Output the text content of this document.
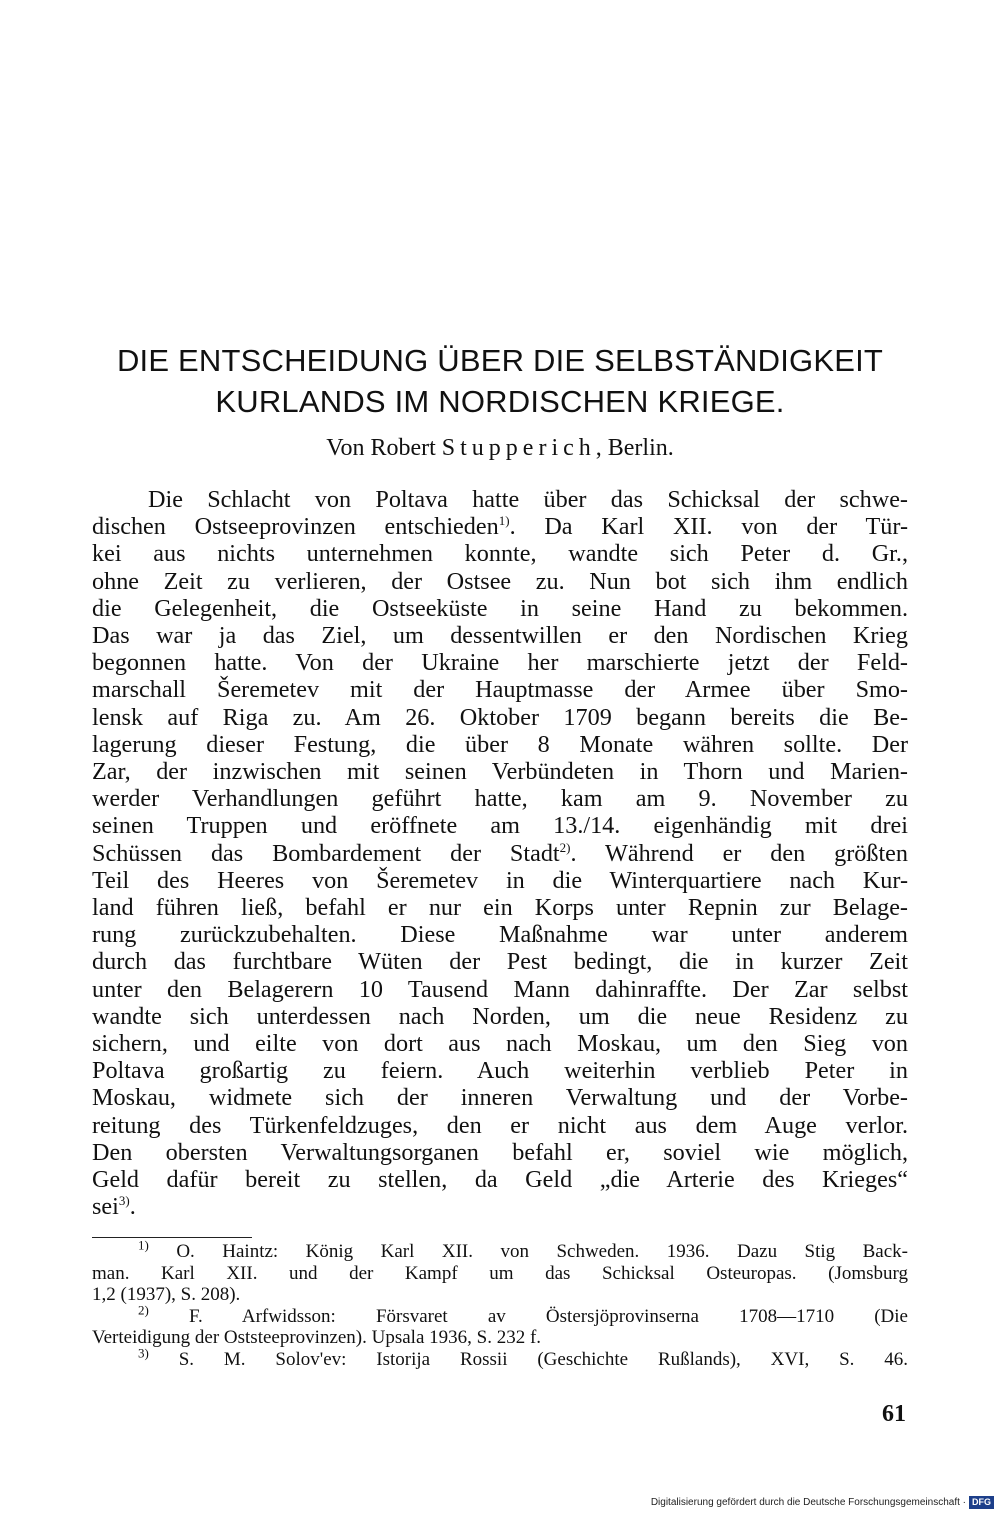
DIE ENTSCHEIDUNG ÜBER DIE SELBSTÄNDIGKEIT
KURLANDS IM NORDISCHEN KRIEGE.

Von Robert Stupperich, Berlin.

Die Schlacht von Poltava hatte über das Schicksal der schwe-
dischen Ostseeprovinzen entschieden$^{1)}$. Da Karl XII. von der Tür-
kei aus nichts unternehmen konnte, wandte sich Peter d. Gr.,
ohne Zeit zu verlieren, der Ostsee zu. Nun bot sich ihm endlich
die Gelegenheit, die Ostseeküste in seine Hand zu bekommen.
Das war ja das Ziel, um dessentwillen er den Nordischen Krieg
begonnen hatte. Von der Ukraine her marschierte jetzt der Feld-
marschall Šeremetev mit der Hauptmasse der Armee über Smo-
lensk auf Riga zu. Am 26. Oktober 1709 begann bereits die Be-
lagerung dieser Festung, die über 8 Monate währen sollte. Der
Zar, der inzwischen mit seinen Verbündeten in Thorn und Marien-
werder Verhandlungen geführt hatte, kam am 9. November zu
seinen Truppen und eröffnete am 13./14. eigenhändig mit drei
Schüssen das Bombardement der Stadt$^{2)}$. Während er den größten
Teil des Heeres von Šeremetev in die Winterquartiere nach Kur-
land führen ließ, befahl er nur ein Korps unter Repnin zur Belage-
rung zurückzubehalten. Diese Maßnahme war unter anderem
durch das furchtbare Wüten der Pest bedingt, die in kurzer Zeit
unter den Belagerern 10 Tausend Mann dahinraffte. Der Zar selbst
wandte sich unterdessen nach Norden, um die neue Residenz zu
sichern, und eilte von dort aus nach Moskau, um den Sieg von
Poltava großartig zu feiern. Auch weiterhin verblieb Peter in
Moskau, widmete sich der inneren Verwaltung und der Vorbe-
reitung des Türkenfeldzuges, den er nicht aus dem Auge verlor.
Den obersten Verwaltungsorganen befahl er, soviel wie möglich,
Geld dafür bereit zu stellen, da Geld „die Arterie des Krieges“
sei$^{3)}$.
$^{1)}$ O. Haintz: König Karl XII. von Schweden. 1936. Dazu Stig Back-
man. Karl XII. und der Kampf um das Schicksal Osteuropas. (Jomsburg
1,2 (1937), S. 208).
$^{2)}$ F. Arfwidsson: Försvaret av Östersjöprovinserna 1708—1710 (Die
Verteidigung der Oststeeprovinzen). Upsala 1936, S. 232 f.
$^{3)}$ S. M. Solov'ev: Istorija Rossii (Geschichte Rußlands), XVI, S. 46.

61

Digitalisierung gefördert durch die Deutsche Forschungsgemeinschaft · DFG
